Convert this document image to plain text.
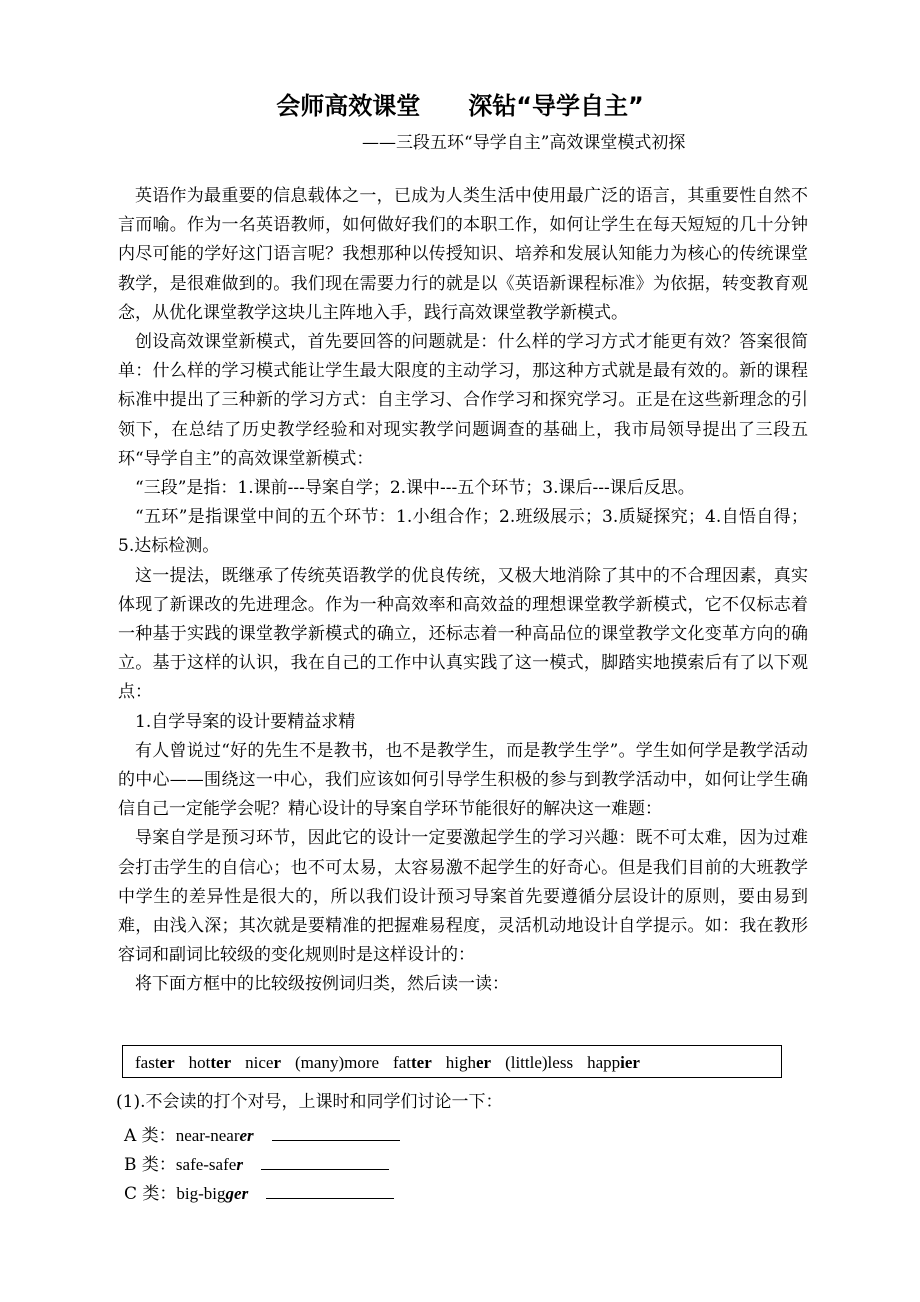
会师高效课堂　　深钻“导学自主”
——三段五环“导学自主”高效课堂模式初探

英语作为最重要的信息载体之一，已成为人类生活中使用最广泛的语言，其重要性自然不言而喻。作为一名英语教师，如何做好我们的本职工作，如何让学生在每天短短的几十分钟内尽可能的学好这门语言呢？我想那种以传授知识、培养和发展认知能力为核心的传统课堂教学，是很难做到的。我们现在需要力行的就是以《英语新课程标准》为依据，转变教育观念，从优化课堂教学这块儿主阵地入手，践行高效课堂教学新模式。

创设高效课堂新模式，首先要回答的问题就是：什么样的学习方式才能更有效？答案很简单：什么样的学习模式能让学生最大限度的主动学习，那这种方式就是最有效的。新的课程标准中提出了三种新的学习方式：自主学习、合作学习和探究学习。正是在这些新理念的引领下，在总结了历史教学经验和对现实教学问题调查的基础上，我市局领导提出了三段五环“导学自主”的高效课堂新模式：

“三段”是指：1.课前---导案自学；2.课中---五个环节；3.课后---课后反思。

“五环”是指课堂中间的五个环节：1.小组合作；2.班级展示；3.质疑探究；4.自悟自得；5.达标检测。

这一提法，既继承了传统英语教学的优良传统，又极大地消除了其中的不合理因素，真实体现了新课改的先进理念。作为一种高效率和高效益的理想课堂教学新模式，它不仅标志着一种基于实践的课堂教学新模式的确立，还标志着一种高品位的课堂教学文化变革方向的确立。基于这样的认识，我在自己的工作中认真实践了这一模式，脚踏实地摸索后有了以下观点：

1.自学导案的设计要精益求精

有人曾说过“好的先生不是教书，也不是教学生，而是教学生学”。学生如何学是教学活动的中心——围绕这一中心，我们应该如何引导学生积极的参与到教学活动中，如何让学生确信自己一定能学会呢？精心设计的导案自学环节能很好的解决这一难题：

导案自学是预习环节，因此它的设计一定要激起学生的学习兴趣：既不可太难，因为过难会打击学生的自信心；也不可太易，太容易激不起学生的好奇心。但是我们目前的大班教学中学生的差异性是很大的，所以我们设计预习导案首先要遵循分层设计的原则，要由易到难，由浅入深；其次就是要精准的把握难易程度，灵活机动地设计自学提示。如：我在教形容词和副词比较级的变化规则时是这样设计的：

将下面方框中的比较级按例词归类，然后读一读：

faster hotter nicer (many)more fatter higher (little)less happier
(1).不会读的打个对号，上课时和同学们讨论一下：
A 类：near-nearer
B 类：safe-safer
C 类：big-bigger
